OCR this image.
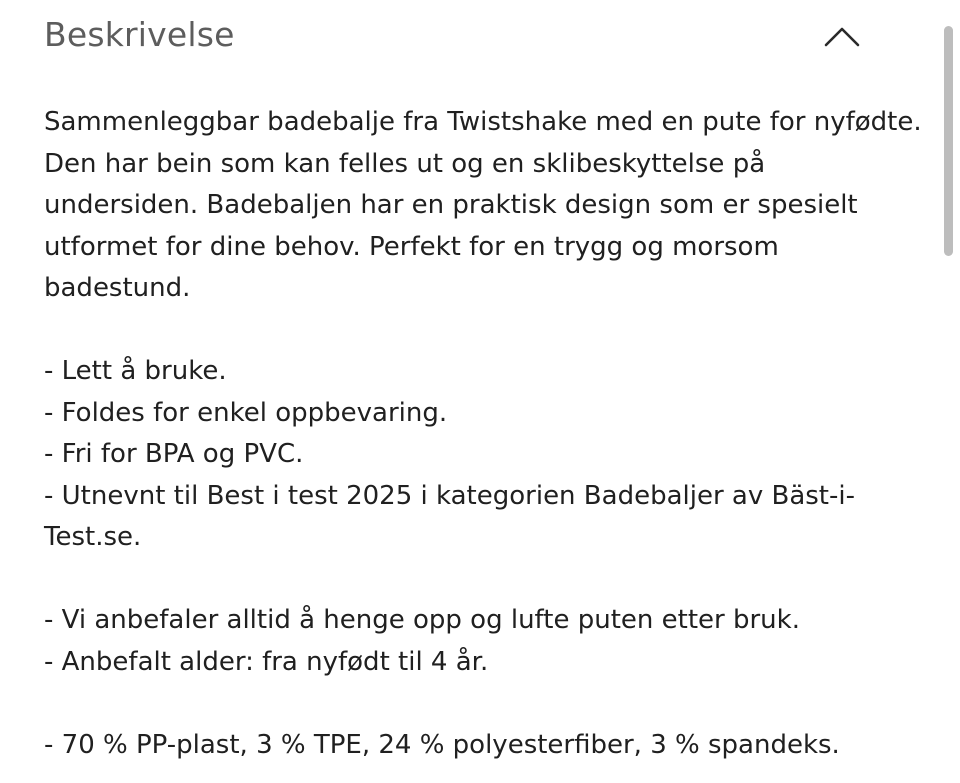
Beskrivelse

Sammenleggbar badebalje fra Twistshake med en pute for nyfødte. Den har bein som kan felles ut og en sklibeskyttelse på undersiden. Badebaljen har en praktisk design som er spesielt utformet for dine behov. Perfekt for en trygg og morsom badestund.

- Lett å bruke.

- Foldes for enkel oppbevaring.

- Fri for BPA og PVC.

- Utnevnt til Best i test 2025 i kategorien Badebaljer av Bäst-i-Test.se.

- Vi anbefaler alltid å henge opp og lufte puten etter bruk.

- Anbefalt alder: fra nyfødt til 4 år.

- 70 % PP-plast, 3 % TPE, 24 % polyesterfiber, 3 % spandeks.
